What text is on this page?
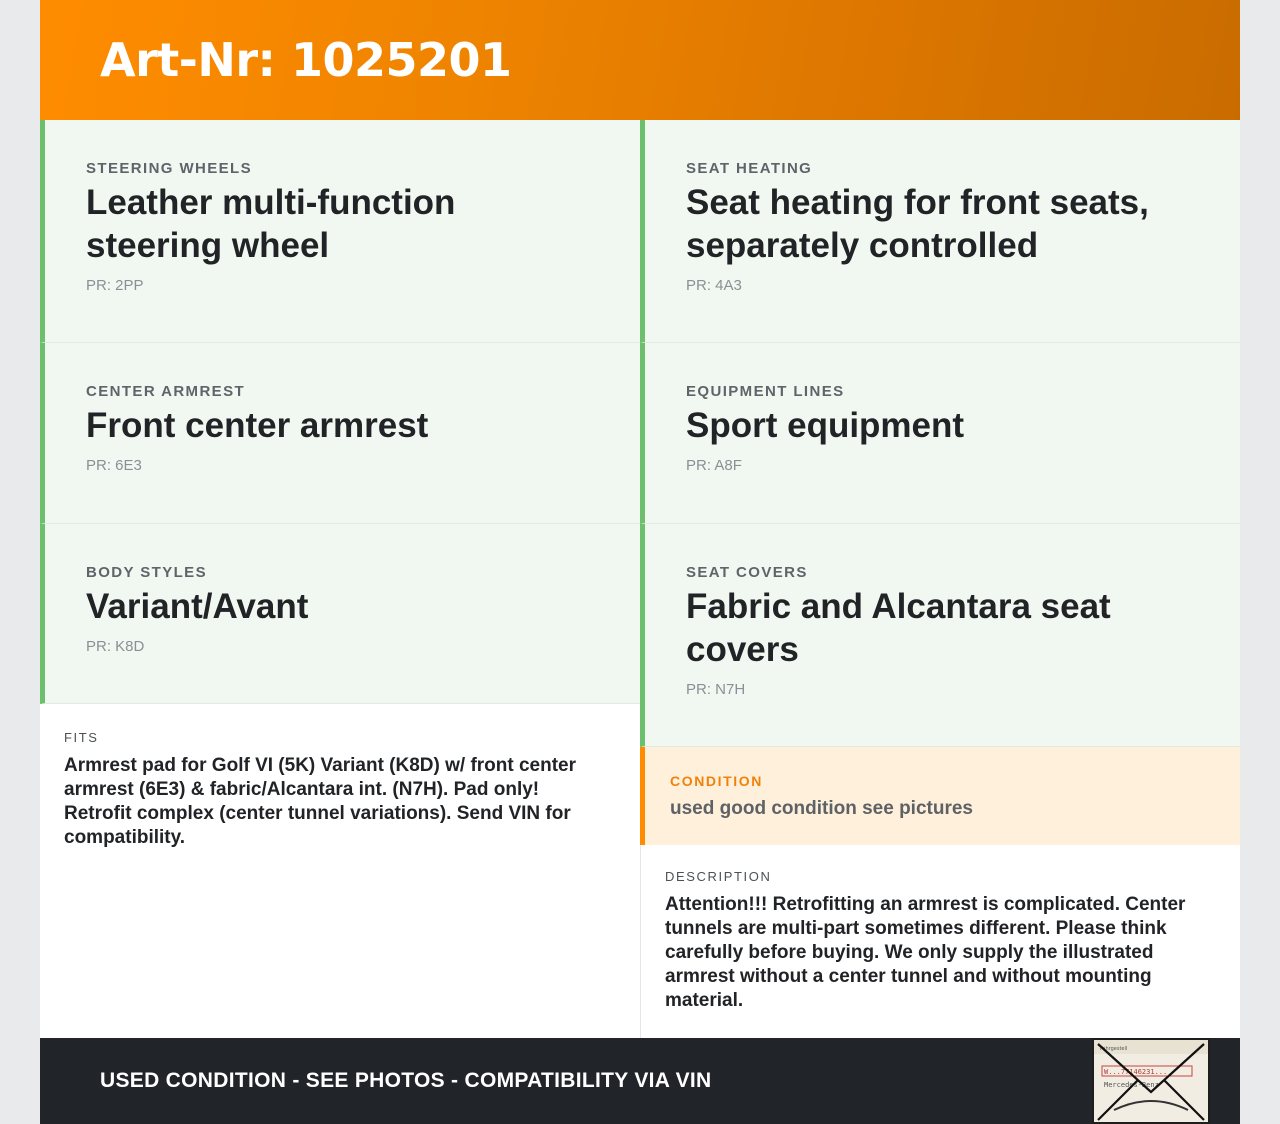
Art-Nr: 1025201
STEERING WHEELS
Leather multi-function steering wheel
PR: 2PP
CENTER ARMREST
Front center armrest
PR: 6E3
BODY STYLES
Variant/Avant
PR: K8D
FITS
Armrest pad for Golf VI (5K) Variant (K8D) w/ front center armrest (6E3) & fabric/Alcantara int. (N7H). Pad only! Retrofit complex (center tunnel variations). Send VIN for compatibility.
SEAT HEATING
Seat heating for front seats, separately controlled
PR: 4A3
EQUIPMENT LINES
Sport equipment
PR: A8F
SEAT COVERS
Fabric and Alcantara seat covers
PR: N7H
CONDITION
used good condition see pictures
DESCRIPTION
Attention!!! Retrofitting an armrest is complicated. Center tunnels are multi-part sometimes different. Please think carefully before buying. We only supply the illustrated armrest without a center tunnel and without mounting material.
USED CONDITION - SEE PHOTOS - COMPATIBILITY VIA VIN
Fahrgestell
W...77146231...
Mercedes-Benz
